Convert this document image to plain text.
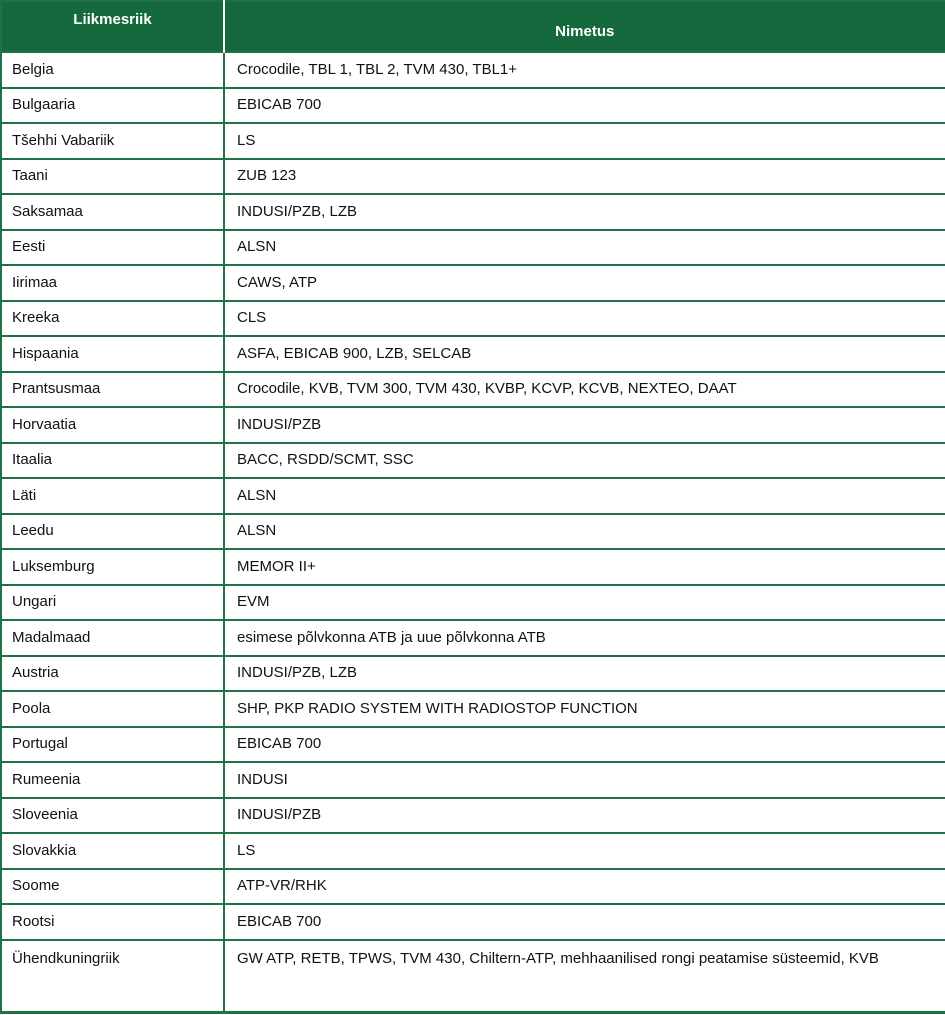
Liikmesriik	Nimetus
Belgia	Crocodile, TBL 1, TBL 2, TVM 430, TBL1+
Bulgaaria	EBICAB 700
Tšehhi Vabariik	LS
Taani	ZUB 123
Saksamaa	INDUSI/PZB, LZB
Eesti	ALSN
Iirimaa	CAWS, ATP
Kreeka	CLS
Hispaania	ASFA, EBICAB 900, LZB, SELCAB
Prantsusmaa	Crocodile, KVB, TVM 300, TVM 430, KVBP, KCVP, KCVB, NEXTEO, DAAT
Horvaatia	INDUSI/PZB
Itaalia	BACC, RSDD/SCMT, SSC
Läti	ALSN
Leedu	ALSN
Luksemburg	MEMOR II+
Ungari	EVM
Madalmaad	esimese põlvkonna ATB ja uue põlvkonna ATB
Austria	INDUSI/PZB, LZB
Poola	SHP, PKP RADIO SYSTEM WITH RADIOSTOP FUNCTION
Portugal	EBICAB 700
Rumeenia	INDUSI
Sloveenia	INDUSI/PZB
Slovakkia	LS
Soome	ATP-VR/RHK
Rootsi	EBICAB 700
Ühendkuningriik	GW ATP, RETB, TPWS, TVM 430, Chiltern-ATP, mehhaanilised rongi peatamise süsteemid, KVB
